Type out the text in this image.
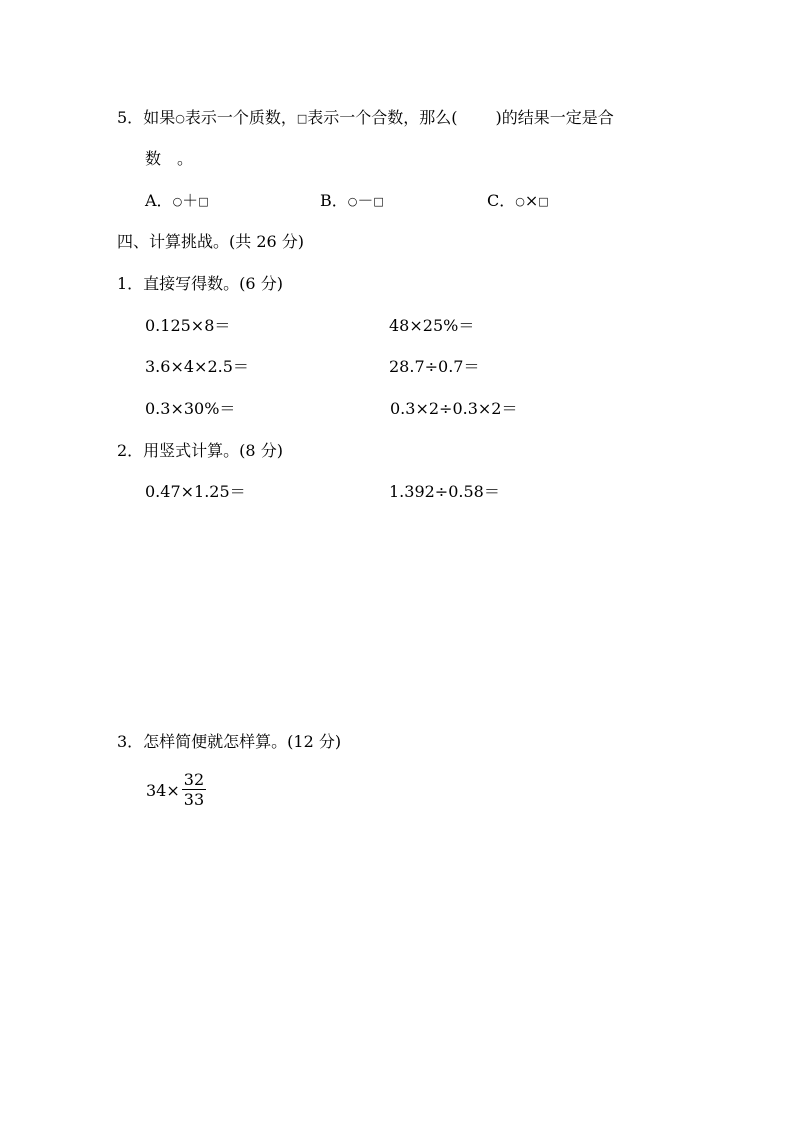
5．如果○表示一个质数，□表示一个合数，那么( )的结果一定是合
数　。
A．○＋□	B．○－□	C．○×□
四、计算挑战。(共 26 分)
1．直接写得数。(6 分)
0.125×8＝	48×25%＝
3.6×4×2.5＝	28.7÷0.7＝
0.3×30%＝	0.3×2÷0.3×2＝
2．用竖式计算。(8 分)
0.47×1.25＝	1.392÷0.58＝
3．怎样简便就怎样算。(12 分)
$34\times \frac{32}{33}$
